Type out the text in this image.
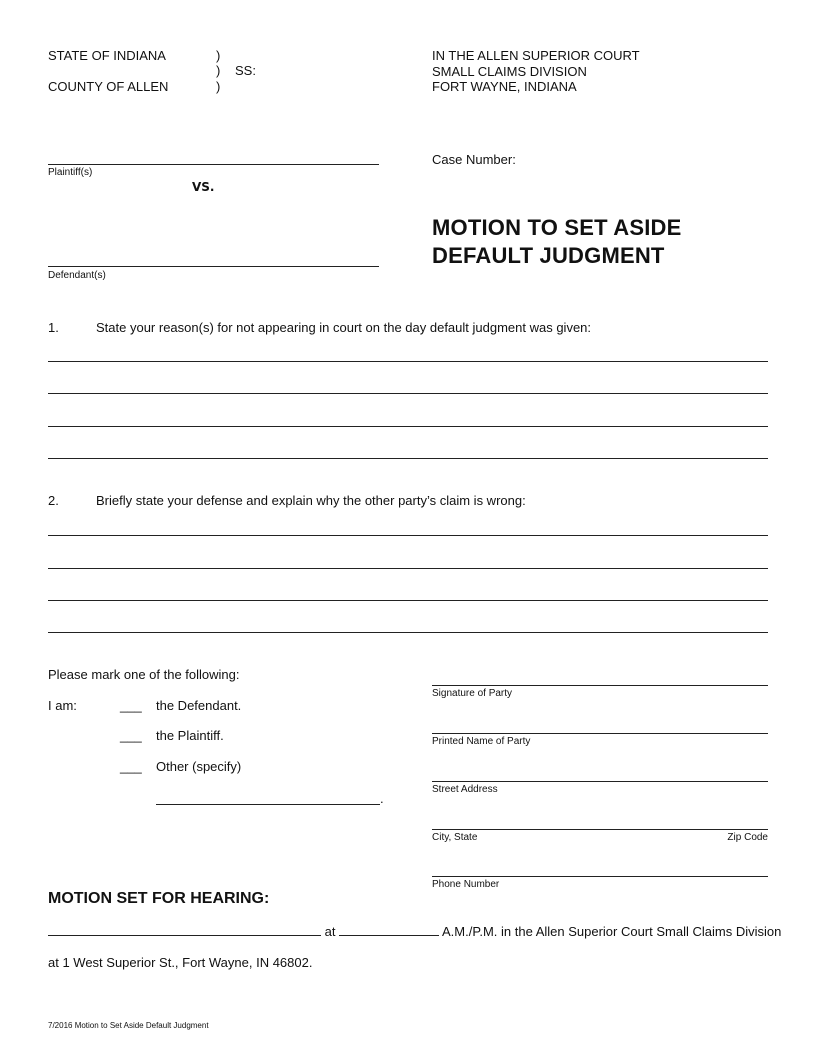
STATE OF INDIANA
COUNTY OF ALLEN
)
)
)
SS:
IN THE ALLEN SUPERIOR COURT
SMALL CLAIMS DIVISION
FORT WAYNE, INDIANA
Plaintiff(s)
VS.
Defendant(s)
Case Number:
MOTION TO SET ASIDE
DEFAULT JUDGMENT
1.	State your reason(s) for not appearing in court on the day default judgment was given:
2.	Briefly state your defense and explain why the other party’s claim is wrong:
Please mark one of the following:
I am:	___ the Defendant.
___ the Plaintiff.
___ Other (specify)
.
Signature of Party
Printed Name of Party
Street Address
City, State	Zip Code
Phone Number
MOTION SET FOR HEARING:
at	A.M./P.M. in the Allen Superior Court Small Claims Division
at 1 West Superior St., Fort Wayne, IN 46802.
7/2016 Motion to Set Aside Default Judgment
